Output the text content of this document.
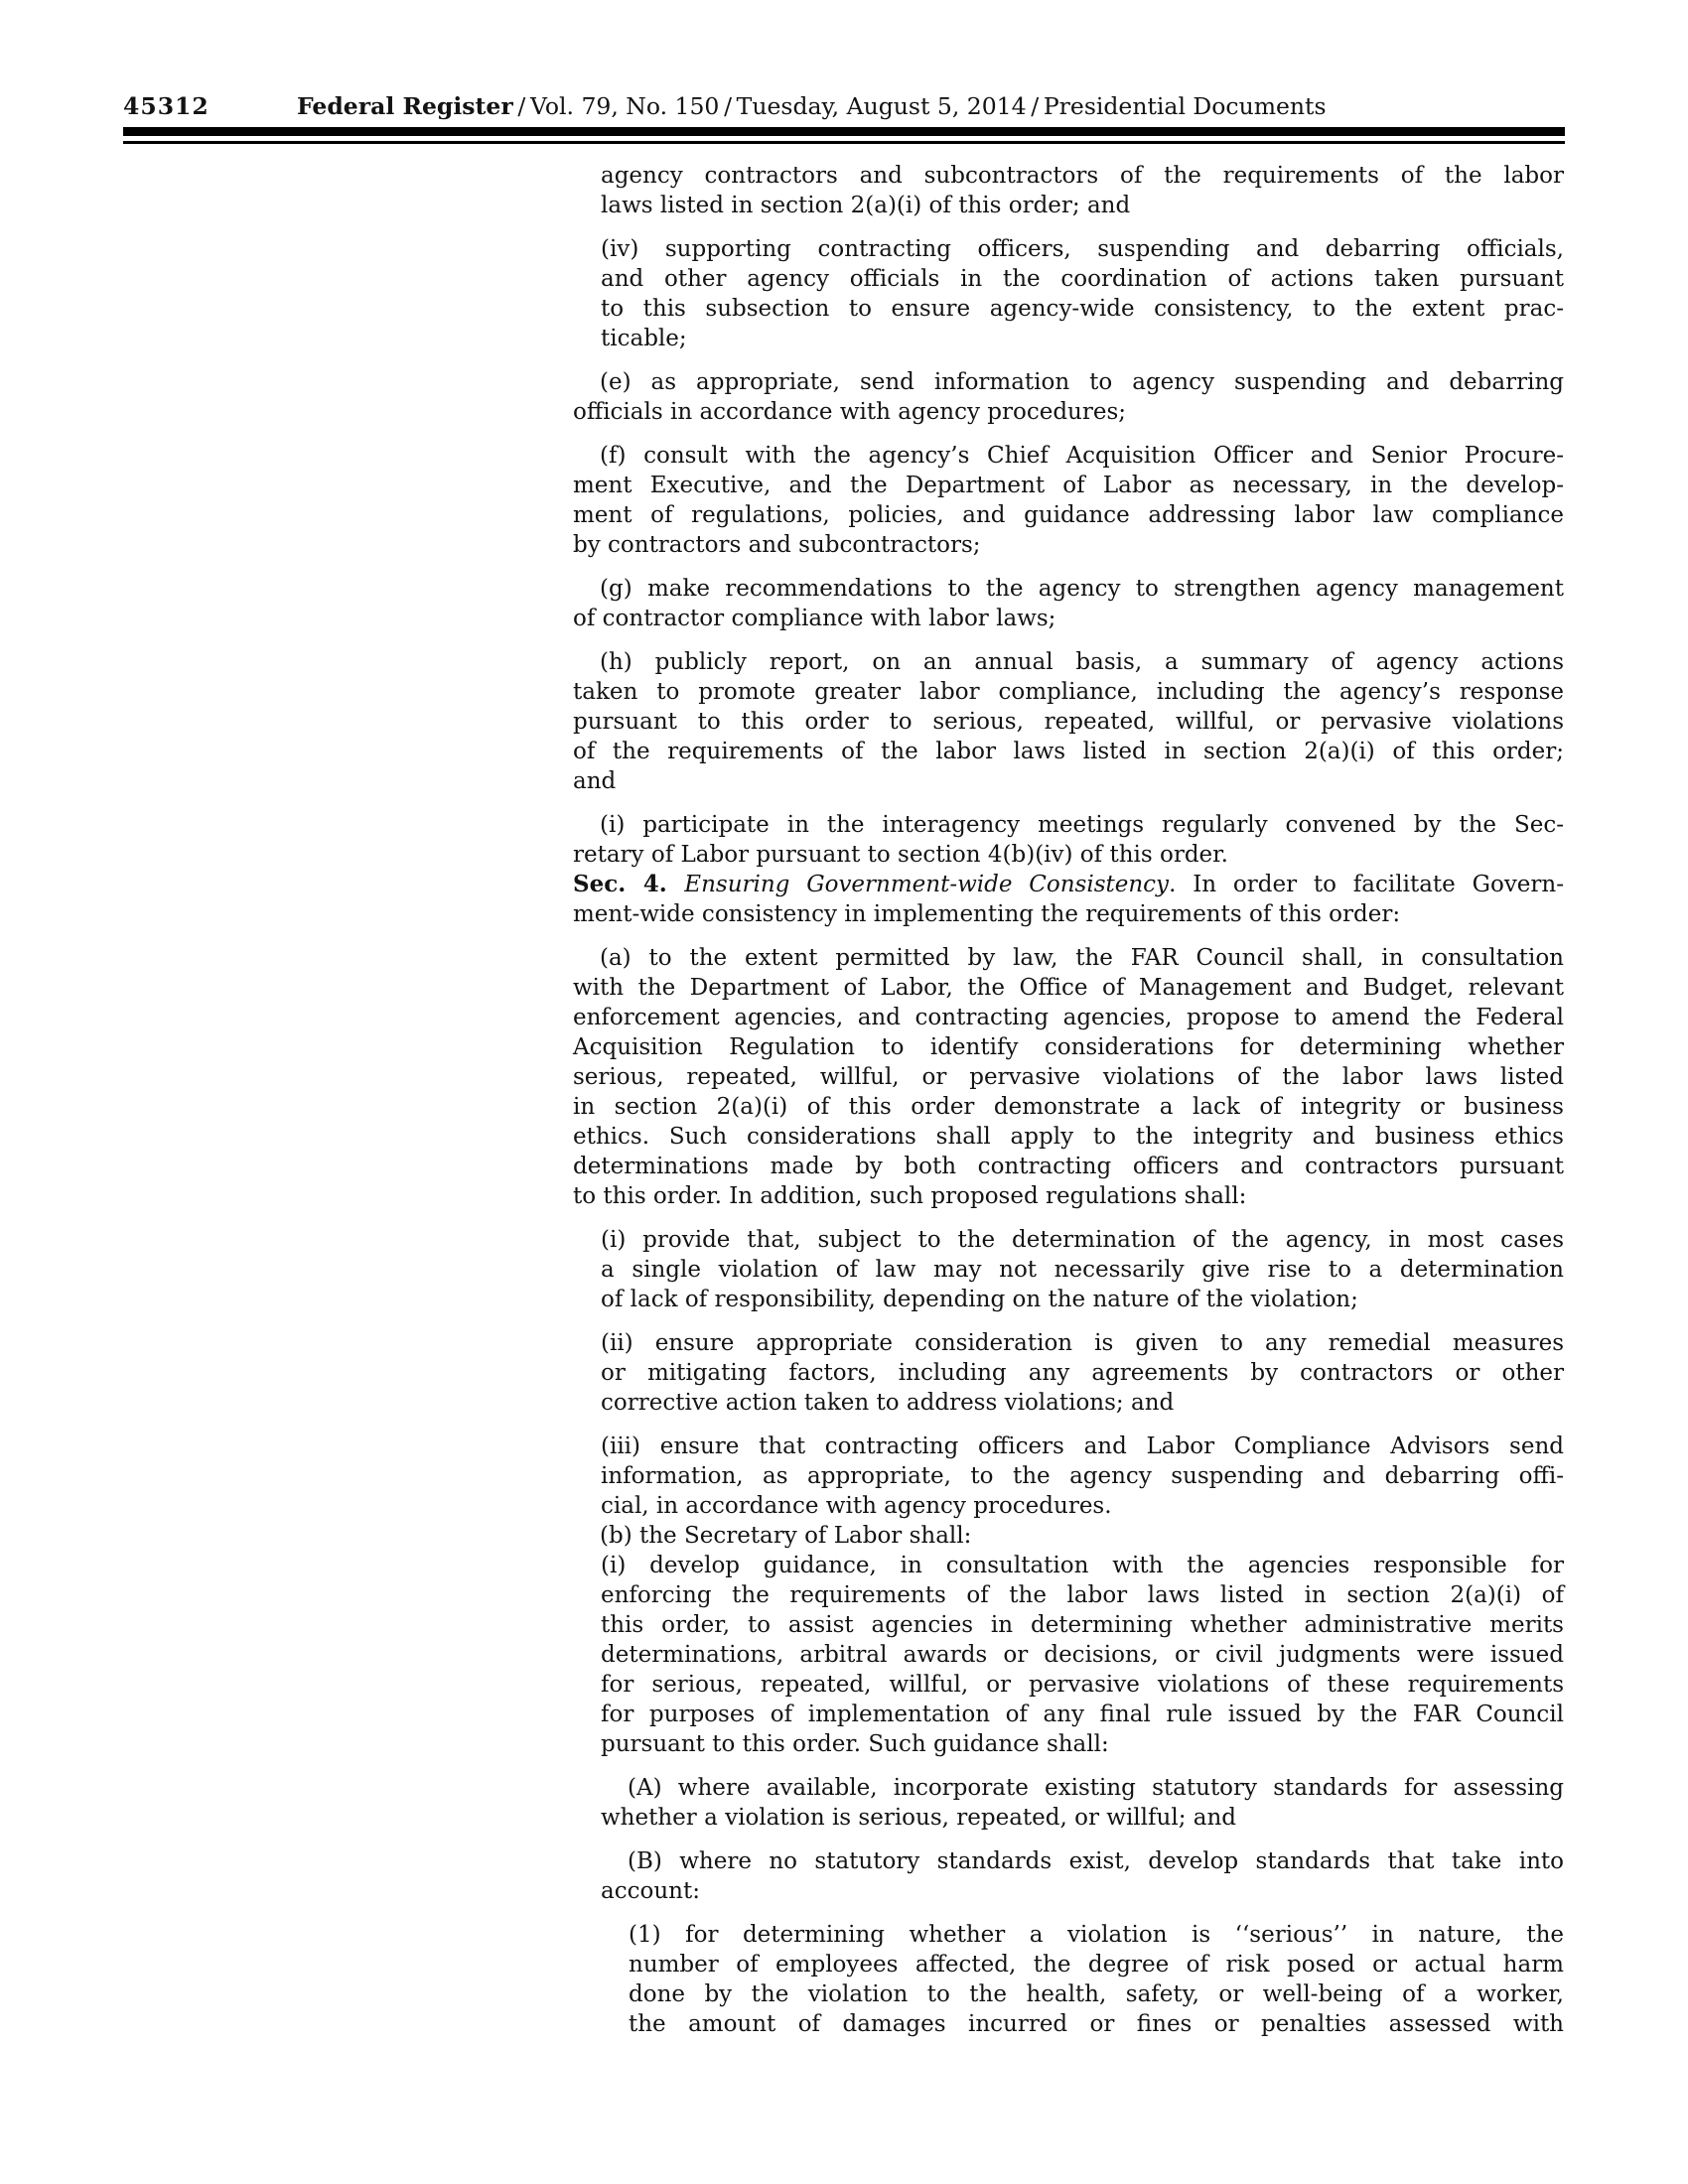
45312	Federal Register / Vol. 79, No. 150 / Tuesday, August 5, 2014 / Presidential Documents
agency contractors and subcontractors of the requirements of the labor
laws listed in section 2(a)(i) of this order; and
(iv) supporting contracting officers, suspending and debarring officials,
and other agency officials in the coordination of actions taken pursuant
to this subsection to ensure agency-wide consistency, to the extent prac-
ticable;
(e) as appropriate, send information to agency suspending and debarring
officials in accordance with agency procedures;
(f) consult with the agency’s Chief Acquisition Officer and Senior Procure-
ment Executive, and the Department of Labor as necessary, in the develop-
ment of regulations, policies, and guidance addressing labor law compliance
by contractors and subcontractors;
(g) make recommendations to the agency to strengthen agency management
of contractor compliance with labor laws;
(h) publicly report, on an annual basis, a summary of agency actions
taken to promote greater labor compliance, including the agency’s response
pursuant to this order to serious, repeated, willful, or pervasive violations
of the requirements of the labor laws listed in section 2(a)(i) of this order;
and
(i) participate in the interagency meetings regularly convened by the Sec-
retary of Labor pursuant to section 4(b)(iv) of this order.
Sec. 4. Ensuring Government-wide Consistency. In order to facilitate Govern-
ment-wide consistency in implementing the requirements of this order:
(a) to the extent permitted by law, the FAR Council shall, in consultation
with the Department of Labor, the Office of Management and Budget, relevant
enforcement agencies, and contracting agencies, propose to amend the Federal
Acquisition Regulation to identify considerations for determining whether
serious, repeated, willful, or pervasive violations of the labor laws listed
in section 2(a)(i) of this order demonstrate a lack of integrity or business
ethics. Such considerations shall apply to the integrity and business ethics
determinations made by both contracting officers and contractors pursuant
to this order. In addition, such proposed regulations shall:
(i) provide that, subject to the determination of the agency, in most cases
a single violation of law may not necessarily give rise to a determination
of lack of responsibility, depending on the nature of the violation;
(ii) ensure appropriate consideration is given to any remedial measures
or mitigating factors, including any agreements by contractors or other
corrective action taken to address violations; and
(iii) ensure that contracting officers and Labor Compliance Advisors send
information, as appropriate, to the agency suspending and debarring offi-
cial, in accordance with agency procedures.
(b) the Secretary of Labor shall:
(i) develop guidance, in consultation with the agencies responsible for
enforcing the requirements of the labor laws listed in section 2(a)(i) of
this order, to assist agencies in determining whether administrative merits
determinations, arbitral awards or decisions, or civil judgments were issued
for serious, repeated, willful, or pervasive violations of these requirements
for purposes of implementation of any final rule issued by the FAR Council
pursuant to this order. Such guidance shall:
(A) where available, incorporate existing statutory standards for assessing
whether a violation is serious, repeated, or willful; and
(B) where no statutory standards exist, develop standards that take into
account:
(1) for determining whether a violation is ‘‘serious’’ in nature, the
number of employees affected, the degree of risk posed or actual harm
done by the violation to the health, safety, or well-being of a worker,
the amount of damages incurred or fines or penalties assessed with
